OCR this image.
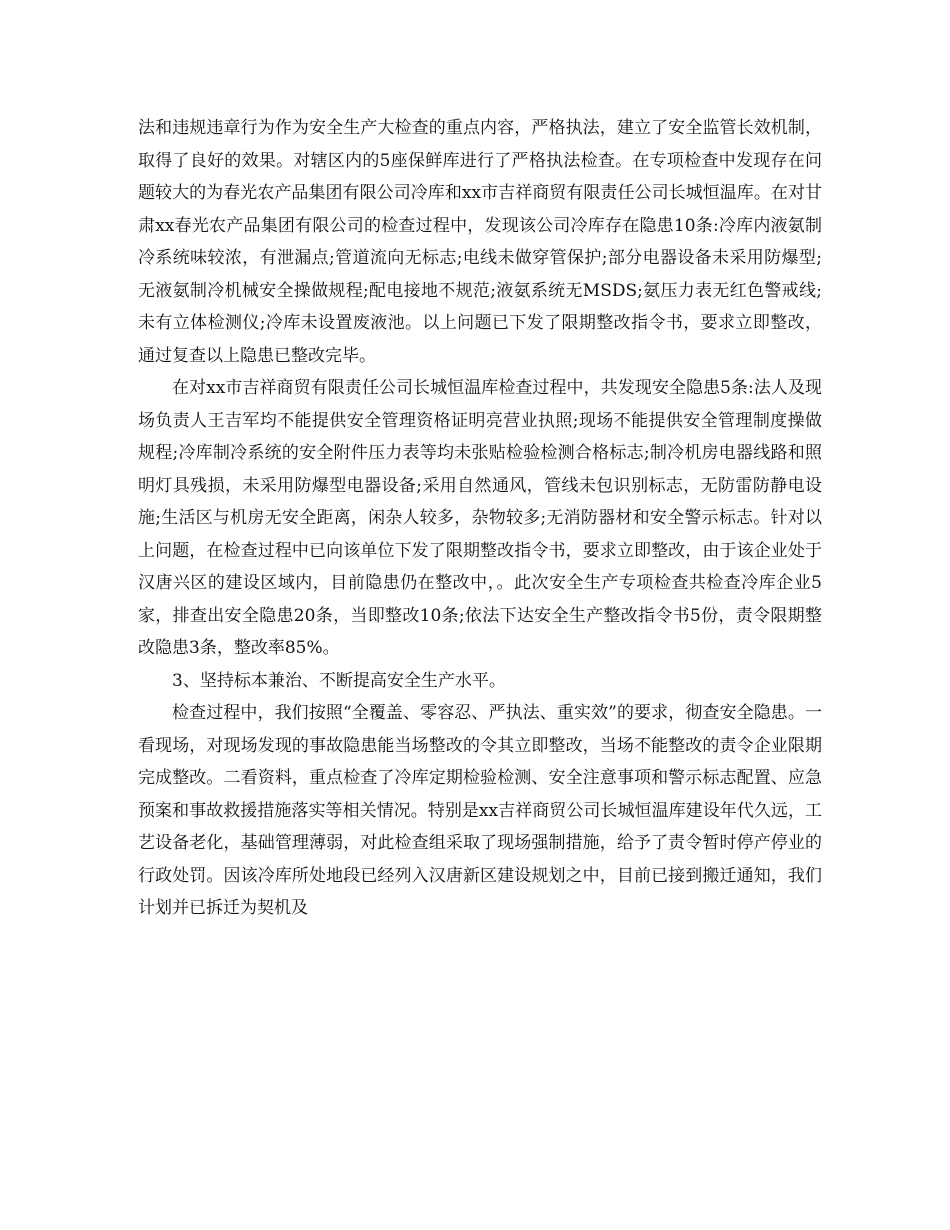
法和违规违章行为作为安全生产大检查的重点内容，严格执法，建立了安全监管长效机制，取得了良好的效果。对辖区内的5座保鲜库进行了严格执法检查。在专项检查中发现存在问题较大的为春光农产品集团有限公司冷库和xx市吉祥商贸有限责任公司长城恒温库。在对甘肃xx春光农产品集团有限公司的检查过程中，发现该公司冷库存在隐患10条:冷库内液氨制冷系统味较浓，有泄漏点;管道流向无标志;电线未做穿管保护;部分电器设备未采用防爆型;无液氨制冷机械安全操做规程;配电接地不规范;液氨系统无MSDS;氨压力表无红色警戒线;未有立体检测仪;冷库未设置废液池。以上问题已下发了限期整改指令书，要求立即整改，通过复查以上隐患已整改完毕。

在对xx市吉祥商贸有限责任公司长城恒温库检查过程中，共发现安全隐患5条:法人及现场负责人王吉军均不能提供安全管理资格证明亮营业执照;现场不能提供安全管理制度操做规程;冷库制冷系统的安全附件压力表等均未张贴检验检测合格标志;制冷机房电器线路和照明灯具残损，未采用防爆型电器设备;采用自然通风，管线未包识别标志，无防雷防静电设施;生活区与机房无安全距离，闲杂人较多，杂物较多;无消防器材和安全警示标志。针对以上问题，在检查过程中已向该单位下发了限期整改指令书，要求立即整改，由于该企业处于汉唐兴区的建设区域内，目前隐患仍在整改中，。此次安全生产专项检查共检查冷库企业5家，排查出安全隐患20条，当即整改10条;依法下达安全生产整改指令书5份，责令限期整改隐患3条，整改率85%。

3、坚持标本兼治、不断提高安全生产水平。

检查过程中，我们按照“全覆盖、零容忍、严执法、重实效”的要求，彻查安全隐患。一看现场，对现场发现的事故隐患能当场整改的令其立即整改，当场不能整改的责令企业限期完成整改。二看资料，重点检查了冷库定期检验检测、安全注意事项和警示标志配置、应急预案和事故救援措施落实等相关情况。特别是xx吉祥商贸公司长城恒温库建设年代久远，工艺设备老化，基础管理薄弱，对此检查组采取了现场强制措施，给予了责令暂时停产停业的行政处罚。因该冷库所处地段已经列入汉唐新区建设规划之中，目前已接到搬迁通知，我们计划并已拆迁为契机及
